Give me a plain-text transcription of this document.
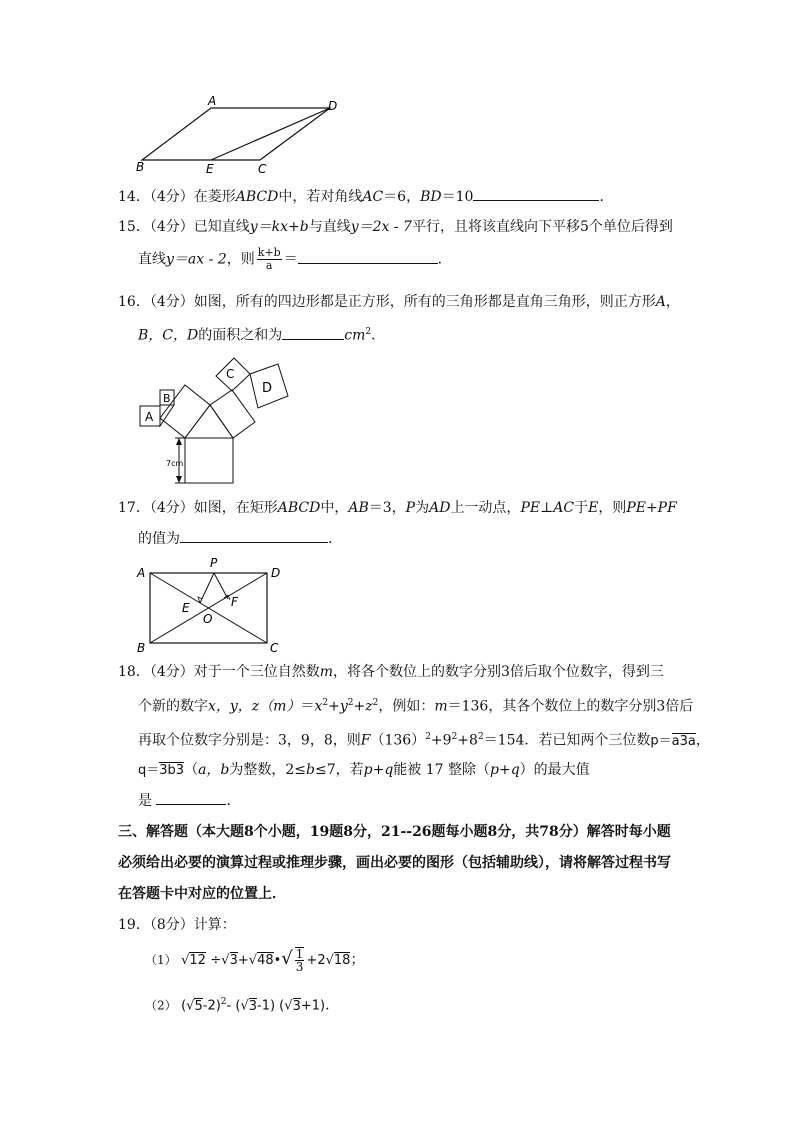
A	D
B	E	C
14．（4分）在菱形ABCD中，若对角线AC＝6，BD＝10	．
15．（4分）已知直线y＝kx+b与直线y＝2x - 7平行，且将该直线向下平移5个单位后得到
直线y＝ax - 2，则 $\frac{k+b}{a}$ ＝	．
16．（4分）如图，所有的四边形都是正方形，所有的三角形都是直角三角形，则正方形A，
B，C，D的面积之和为	$cm^2$．
A
B
C
D
7cm
17．（4分）如图，在矩形ABCD中，AB＝3，P为AD上一动点，PE⊥AC于E，则PE+PF
的值为	．
A
P
D
E	F
O
B	C
18．（4分）对于一个三位自然数m，将各个数位上的数字分别3倍后取个位数字，得到三
个新的数字x，y，$z(m)=x^2+y^2+z^2$，例如：m＝136，其各个数位上的数字分别3倍后
再取个位数字分别是：3，9，8，则$F(136)^2+9^2+8^2=154$．若已知两个三位数p＝a3a，
q＝3b3（a，b为整数，2≤b≤7，若p+q能被 17 整除（p+q）的最大值
是	．
三、解答题（本大题8个小题，19题8分，21--26题每小题8分，共78分）解答时每小题
必须给出必要的演算过程或推理步骤，画出必要的图形（包括辅助线），请将解答过程书写
在答题卡中对应的位置上．
19．（8分）计算：
（1） √12 ÷√3+√48•√ $\frac{1}{3} +2√18$；
（2） $(√5-2)^2-$ (√3-1) (√3+1)．
